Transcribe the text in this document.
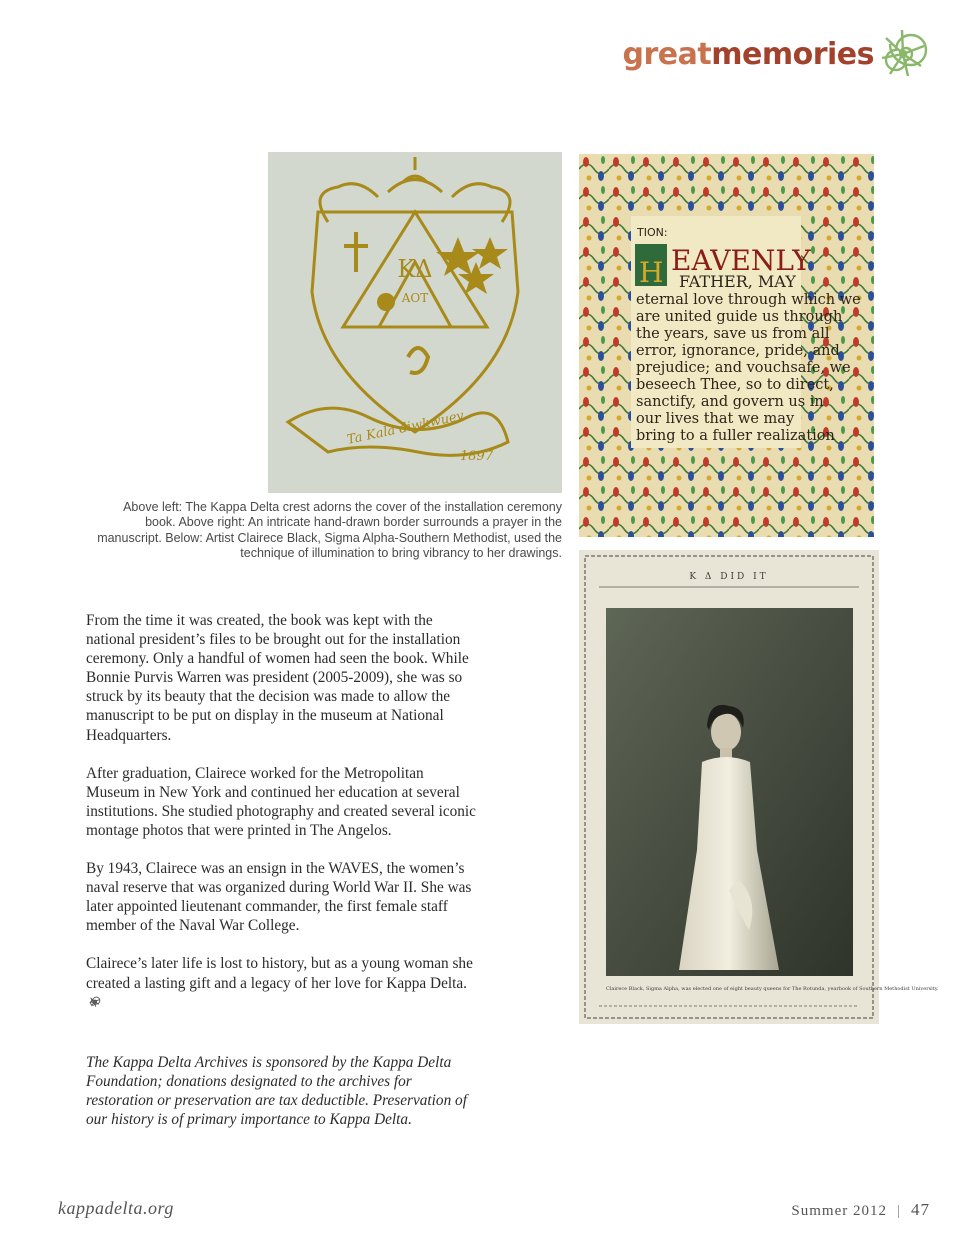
greatmemories
ΚΔ
ΑΟΤ
Ta Kala diwkwuev
1897
TION:
H EAVENLY
FATHER, MAY
eternal love through which we
are united guide us through
the years, save us from all
error, ignorance, pride, and
prejudice; and vouchsafe, we
beseech Thee, so to direct,
sanctify, and govern us in
our lives that we may
bring to a fuller realization
Above left: The Kappa Delta crest adorns the cover of the installation ceremony book. Above right: An intricate hand-drawn border surrounds a prayer in the manuscript. Below: Artist Clairece Black, Sigma Alpha-Southern Methodist, used the technique of illumination to bring vibrancy to her drawings.
K Δ DID IT
Clairece Black, Sigma Alpha, was elected one of eight beauty queens for The Rotunda, yearbook of Southern Methodist University.

From the time it was created, the book was kept with the national president’s files to be brought out for the installation ceremony. Only a handful of women had seen the book. While Bonnie Purvis Warren was president (2005-2009), she was so struck by its beauty that the decision was made to allow the manuscript to be put on display in the museum at National Headquarters.

After graduation, Clairece worked for the Metropolitan Museum in New York and continued her education at several institutions. She studied photography and created several iconic montage photos that were printed in The Angelos.

By 1943, Clairece was an ensign in the WAVES, the women’s naval reserve that was organized during World War II. She was later appointed lieutenant commander, the first female staff member of the Naval War College.

Clairece’s later life is lost to history, but as a young woman she created a lasting gift and a legacy of her love for Kappa Delta.

The Kappa Delta Archives is sponsored by the Kappa Delta Foundation; donations designated to the archives for restoration or preservation are tax deductible. Preservation of our history is of primary importance to Kappa Delta.
kappadelta.org	Summer 2012 | 47
